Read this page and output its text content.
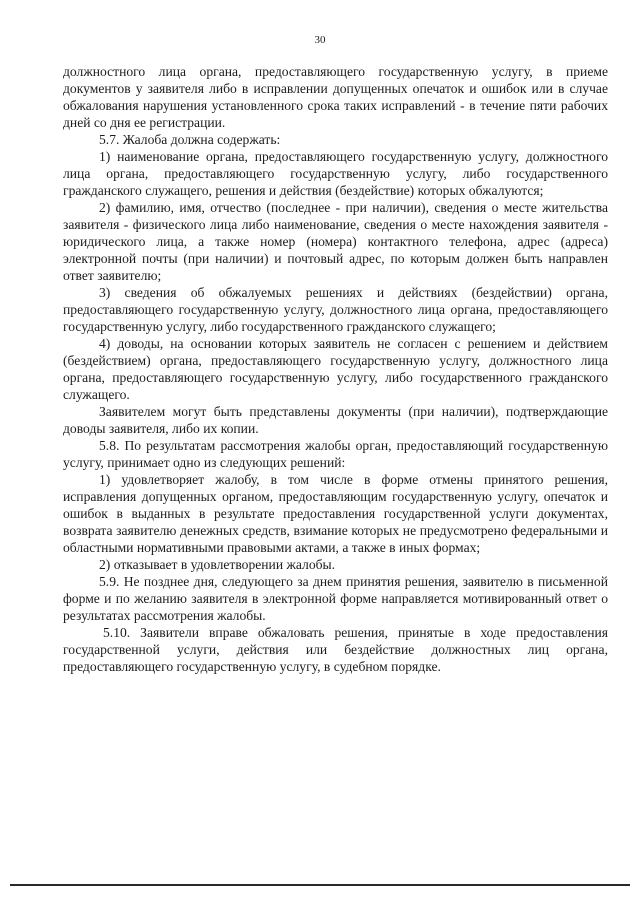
30

должностного лица органа, предоставляющего государственную услугу, в приеме документов у заявителя либо в исправлении допущенных опечаток и ошибок или в случае обжалования нарушения установленного срока таких исправлений - в течение пяти рабочих дней со дня ее регистрации.

5.7. Жалоба должна содержать:

1) наименование органа, предоставляющего государственную услугу, должностного лица органа, предоставляющего государственную услугу, либо государственного гражданского служащего, решения и действия (бездействие) которых обжалуются;

2) фамилию, имя, отчество (последнее - при наличии), сведения о месте жительства заявителя - физического лица либо наименование, сведения о месте нахождения заявителя - юридического лица, а также номер (номера) контактного телефона, адрес (адреса) электронной почты (при наличии) и почтовый адрес, по которым должен быть направлен ответ заявителю;

3) сведения об обжалуемых решениях и действиях (бездействии) органа, предоставляющего государственную услугу, должностного лица органа, предоставляющего государственную услугу, либо государственного гражданского служащего;

4) доводы, на основании которых заявитель не согласен с решением и действием (бездействием) органа, предоставляющего государственную услугу, должностного лица органа, предоставляющего государственную услугу, либо государственного гражданского служащего.

Заявителем могут быть представлены документы (при наличии), подтверждающие доводы заявителя, либо их копии.

5.8. По результатам рассмотрения жалобы орган, предоставляющий государственную услугу, принимает одно из следующих решений:

1) удовлетворяет жалобу, в том числе в форме отмены принятого решения, исправления допущенных органом, предоставляющим государственную услугу, опечаток и ошибок в выданных в результате предоставления государственной услуги документах, возврата заявителю денежных средств, взимание которых не предусмотрено федеральными и областными нормативными правовыми актами, а также в иных формах;

2) отказывает в удовлетворении жалобы.

5.9. Не позднее дня, следующего за днем принятия решения, заявителю в письменной форме и по желанию заявителя в электронной форме направляется мотивированный ответ о результатах рассмотрения жалобы.

5.10. Заявители вправе обжаловать решения, принятые в ходе предоставления государственной услуги, действия или бездействие должностных лиц органа, предоставляющего государственную услугу, в судебном порядке.
